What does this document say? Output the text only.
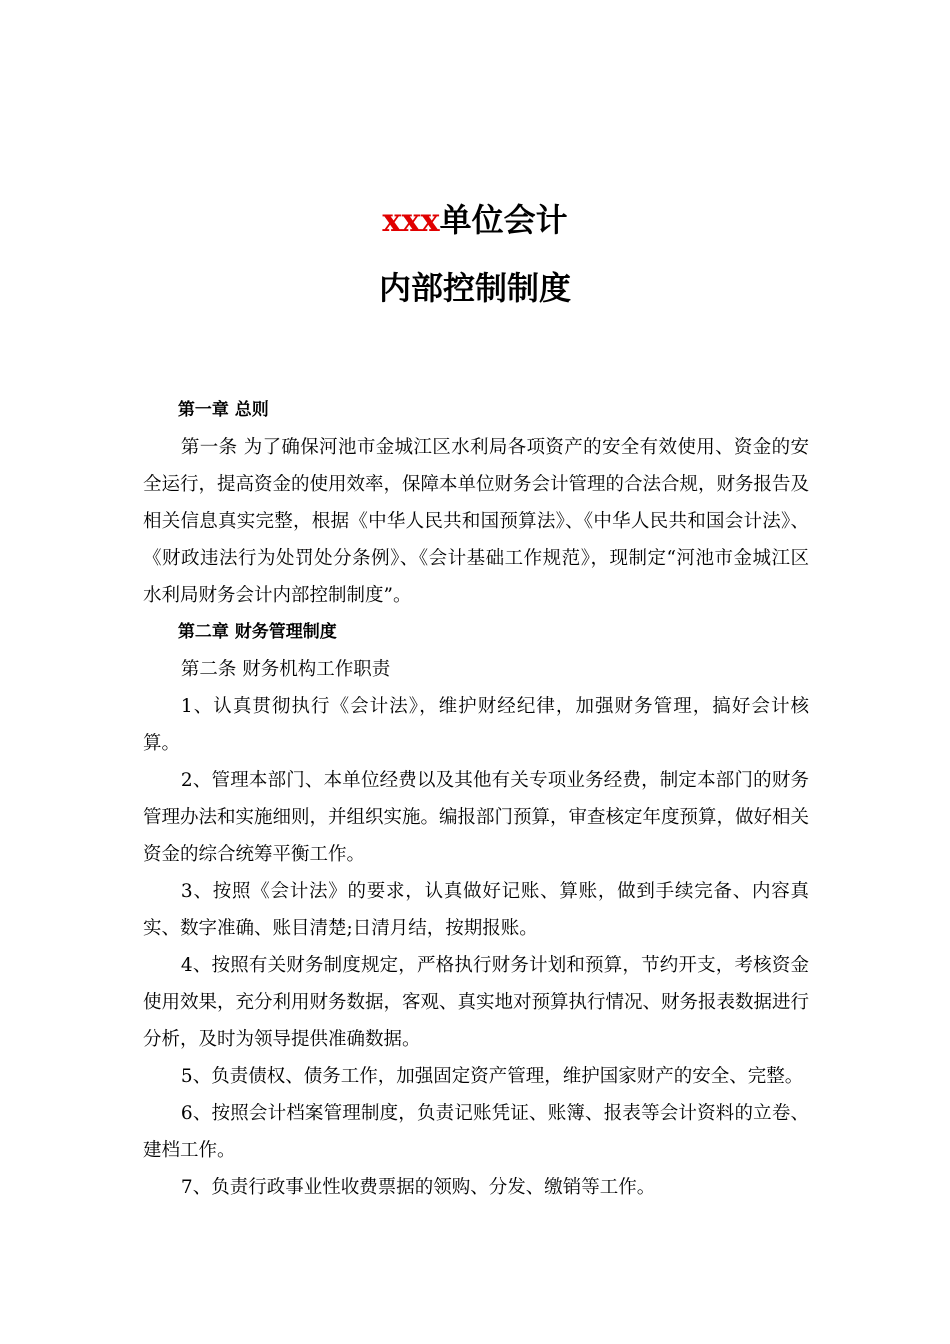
xxx单位会计
内部控制制度

第一章 总则

第一条 为了确保河池市金城江区水利局各项资产的安全有效使用、资金的安全运行，提高资金的使用效率，保障本单位财务会计管理的合法合规，财务报告及相关信息真实完整，根据《中华人民共和国预算法》、《中华人民共和国会计法》、《财政违法行为处罚处分条例》、《会计基础工作规范》，现制定“河池市金城江区水利局财务会计内部控制制度”。

第二章 财务管理制度

第二条 财务机构工作职责

1、认真贯彻执行《会计法》，维护财经纪律，加强财务管理，搞好会计核算。

2、管理本部门、本单位经费以及其他有关专项业务经费，制定本部门的财务管理办法和实施细则，并组织实施。编报部门预算，审查核定年度预算，做好相关资金的综合统筹平衡工作。

3、按照《会计法》的要求，认真做好记账、算账，做到手续完备、内容真实、数字准确、账目清楚;日清月结，按期报账。

4、按照有关财务制度规定，严格执行财务计划和预算，节约开支，考核资金使用效果，充分利用财务数据，客观、真实地对预算执行情况、财务报表数据进行分析，及时为领导提供准确数据。

5、负责债权、债务工作，加强固定资产管理，维护国家财产的安全、完整。

6、按照会计档案管理制度，负责记账凭证、账簿、报表等会计资料的立卷、建档工作。

7、负责行政事业性收费票据的领购、分发、缴销等工作。
